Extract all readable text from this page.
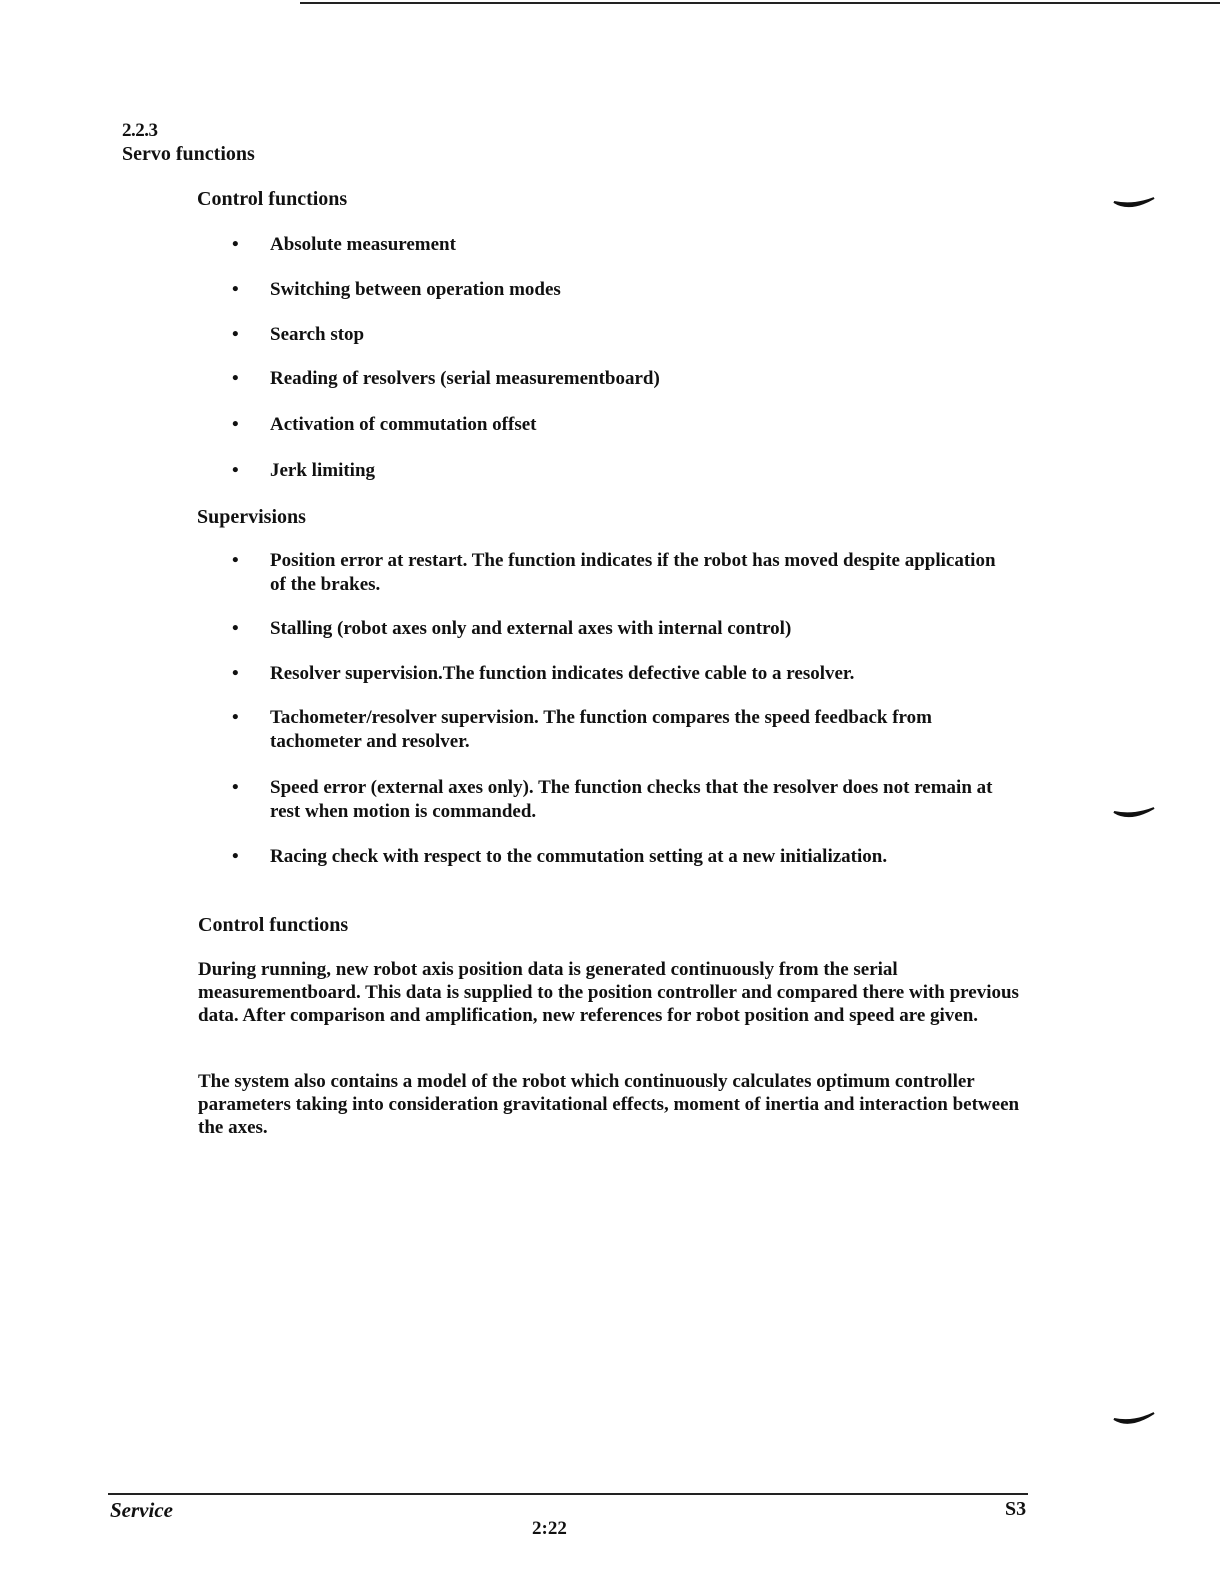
2.2.3
Servo functions
Control functions
• Absolute measurement
• Switching between operation modes
• Search stop
• Reading of resolvers (serial measurementboard)
• Activation of commutation offset
• Jerk limiting
Supervisions
• Position error at restart. The function indicates if the robot has moved despite application of the brakes.
• Stalling (robot axes only and external axes with internal control)
• Resolver supervision.The function indicates defective cable to a resolver.
• Tachometer/resolver supervision. The function compares the speed feedback from tachometer and resolver.
• Speed error (external axes only). The function checks that the resolver does not remain at rest when motion is commanded.
• Racing check with respect to the commutation setting at a new initialization.
Control functions

During running, new robot axis position data is generated continuously from the serial measurementboard. This data is supplied to the position controller and compared there with previous data. After comparison and amplification, new references for robot position and speed are given.

The system also contains a model of the robot which continuously calculates optimum controller parameters taking into consideration gravitational effects, moment of inertia and interaction between the axes.

Service	S3
2:22
